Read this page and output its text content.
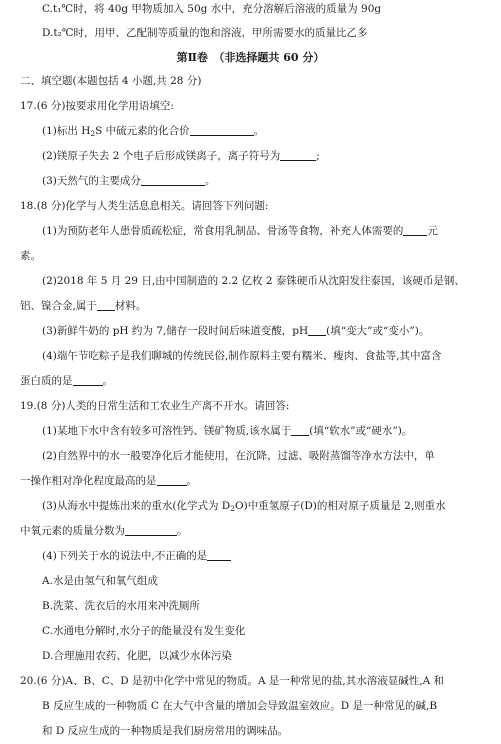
C.t₁℃时，将 40g 甲物质加入 50g 水中，充分溶解后溶液的质量为 90g
D.t₂℃时，用甲、乙配制等质量的饱和溶液，甲所需要水的质量比乙多
第Ⅱ卷　（非选择题共 60 分）
二、填空题(本题包括 4 小题,共 28 分)
17.(6 分)按要求用化学用语填空:
(1)标出 $H_2S$ 中硫元素的化合价	。
(2)镁原子失去 2 个电子后形成镁离子，离子符号为	;
(3)天然气的主要成分	。
18.(8 分)化学与人类生活息息相关。请回答下列问题:
(1)为预防老年人患骨质疏松症，常食用乳制品、骨汤等食物，补充人体需要的 元
素。
(2)2018 年 5 月 29 日,由中国制造的 2.2 亿枚 2 泰铢硬币从沈阳发往泰国，该硬币是钢、
铝、镍合金,属于 材料。
(3)新鲜牛奶的 pH 约为 7,储存一段时间后味道变酸，pH (填“变大”或“变小”)。
(4)端午节吃粽子是我们聊城的传统民俗,制作原料主要有糯米、瘦肉、食盐等,其中富含
蛋白质的是	。
19.(8 分)人类的日常生活和工农业生产离不开水。请回答:
(1)某地下水中含有较多可溶性钙、镁矿物质,该水属于 (填“软水”或“硬水”)。
(2)自然界中的水一般要净化后才能使用，在沉降、过滤、吸附蒸馏等净水方法中，单
一操作相对净化程度最高的是	。
(3)从海水中提炼出来的重水(化学式为 $D_2O$)中重氢原子(D)的相对原子质量是 2,则重水
中氧元素的质量分数为	。
(4)下列关于水的说法中,不正确的是
A.水是由氢气和氧气组成
B.洗菜、洗衣后的水用来冲洗厕所
C.水通电分解时,水分子的能量没有发生变化
D.合理施用农药、化肥，以减少水体污染
20.(6 分)A、B、C、D 是初中化学中常见的物质。A 是一种常见的盐,其水溶液显碱性,A 和
B 反应生成的一种物质 C 在大气中含量的增加会导致温室效应。D 是一种常见的碱,B
和 D 反应生成的一种物质是我们厨房常用的调味品。
